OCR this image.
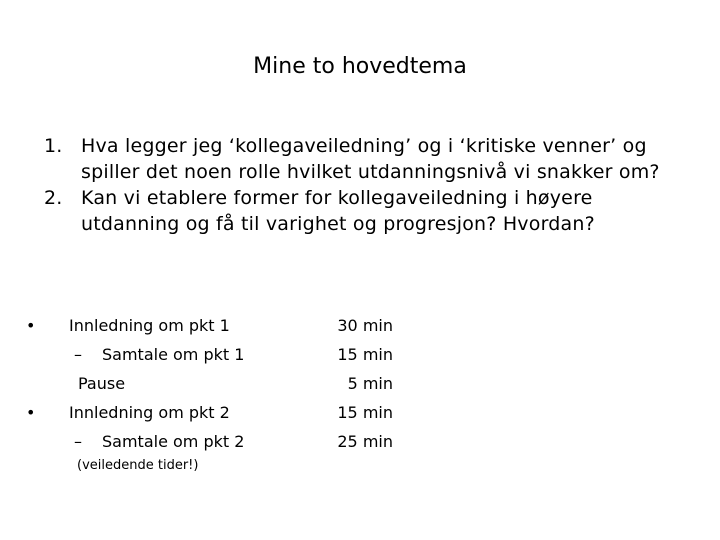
Mine to hovedtema
1. Hva legger jeg ‘kollegaveiledning’ og i ‘kritiske venner’ og spiller det noen rolle hvilket utdanningsnivå vi snakker om?
2. Kan vi etablere former for kollegaveiledning i høyere utdanning og få til varighet og progresjon? Hvordan?
• Innledning om pkt 1
– Samtale om pkt 1
Pause
• Innledning om pkt 2
– Samtale om pkt 2
(veiledende tider!)
30 min
15 min
5 min
15 min
25 min
